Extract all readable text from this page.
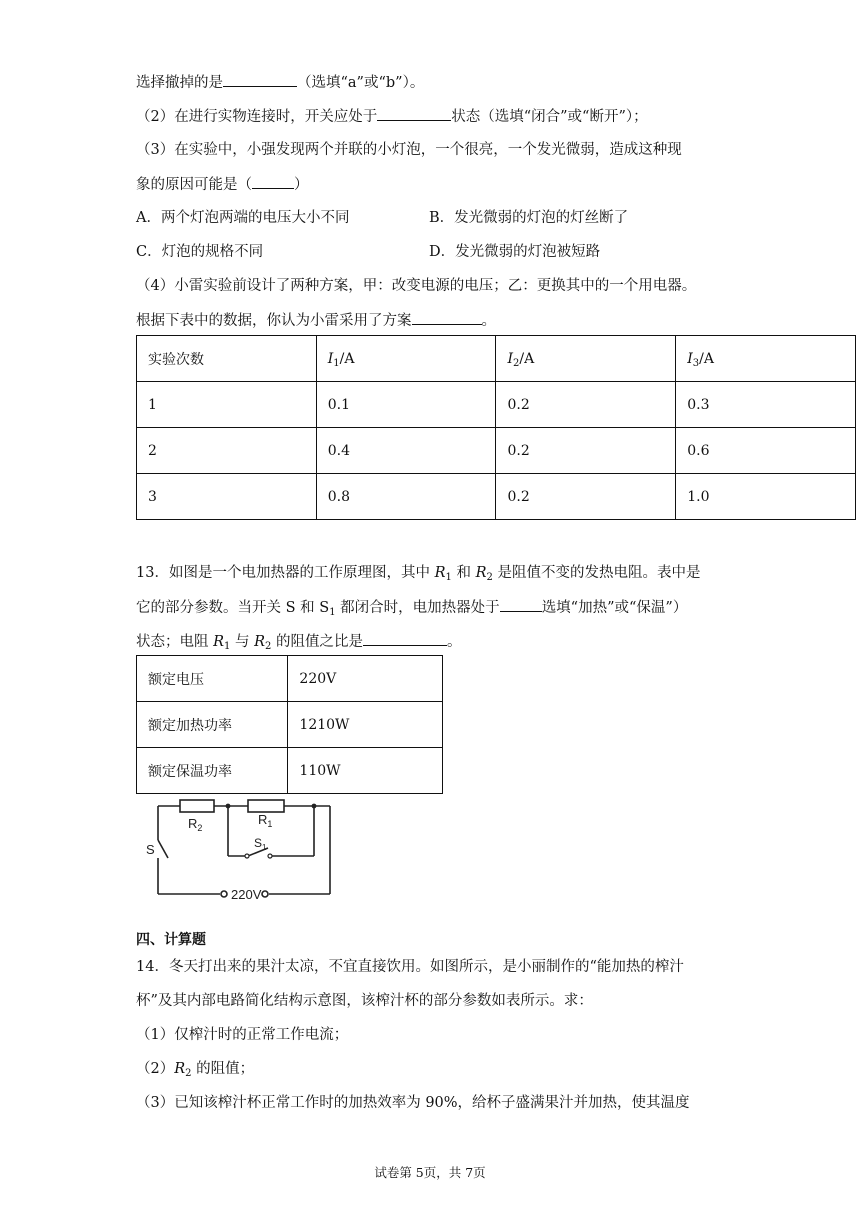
选择撤掉的是	（选填“a”或“b”）。
（2）在进行实物连接时，开关应处于	状态（选填“闭合”或“断开”）；
（3）在实验中，小强发现两个并联的小灯泡，一个很亮，一个发光微弱，造成这种现
象的原因可能是（	）
A．两个灯泡两端的电压大小不同	B．发光微弱的灯泡的灯丝断了
C．灯泡的规格不同	D．发光微弱的灯泡被短路
（4）小雷实验前设计了两种方案，甲：改变电源的电压；乙：更换其中的一个用电器。
根据下表中的数据，你认为小雷采用了方案	。
实验次数	$I_1/A$	$I_2/A$	$I_3/A$
1	0.1	0.2	0.3
2	0.4	0.2	0.6
3	0.8	0.2	1.0
13．如图是一个电加热器的工作原理图，其中 $R_1$ 和 $R_2$ 是阻值不变的发热电阻。表中是
它的部分参数。当开关 S 和 $S_1$ 都闭合时，电加热器处于	选填“加热”或“保温”）
状态；电阻 $R_1$ 与 $R_2$ 的阻值之比是	。
额定电压	220V
额定加热功率	1210W
额定保温功率	110W
$R_2$
$R_1$
S	$S_1$
220V
四、计算题
14．冬天打出来的果汁太凉，不宜直接饮用。如图所示，是小丽制作的“能加热的榨汁
杯”及其内部电路简化结构示意图，该榨汁杯的部分参数如表所示。求：
（1）仅榨汁时的正常工作电流；
$(2)R_2$ 的阻值；
（3）已知该榨汁杯正常工作时的加热效率为 90%，给杯子盛满果汁并加热，使其温度
试卷第 5页，共 7页
